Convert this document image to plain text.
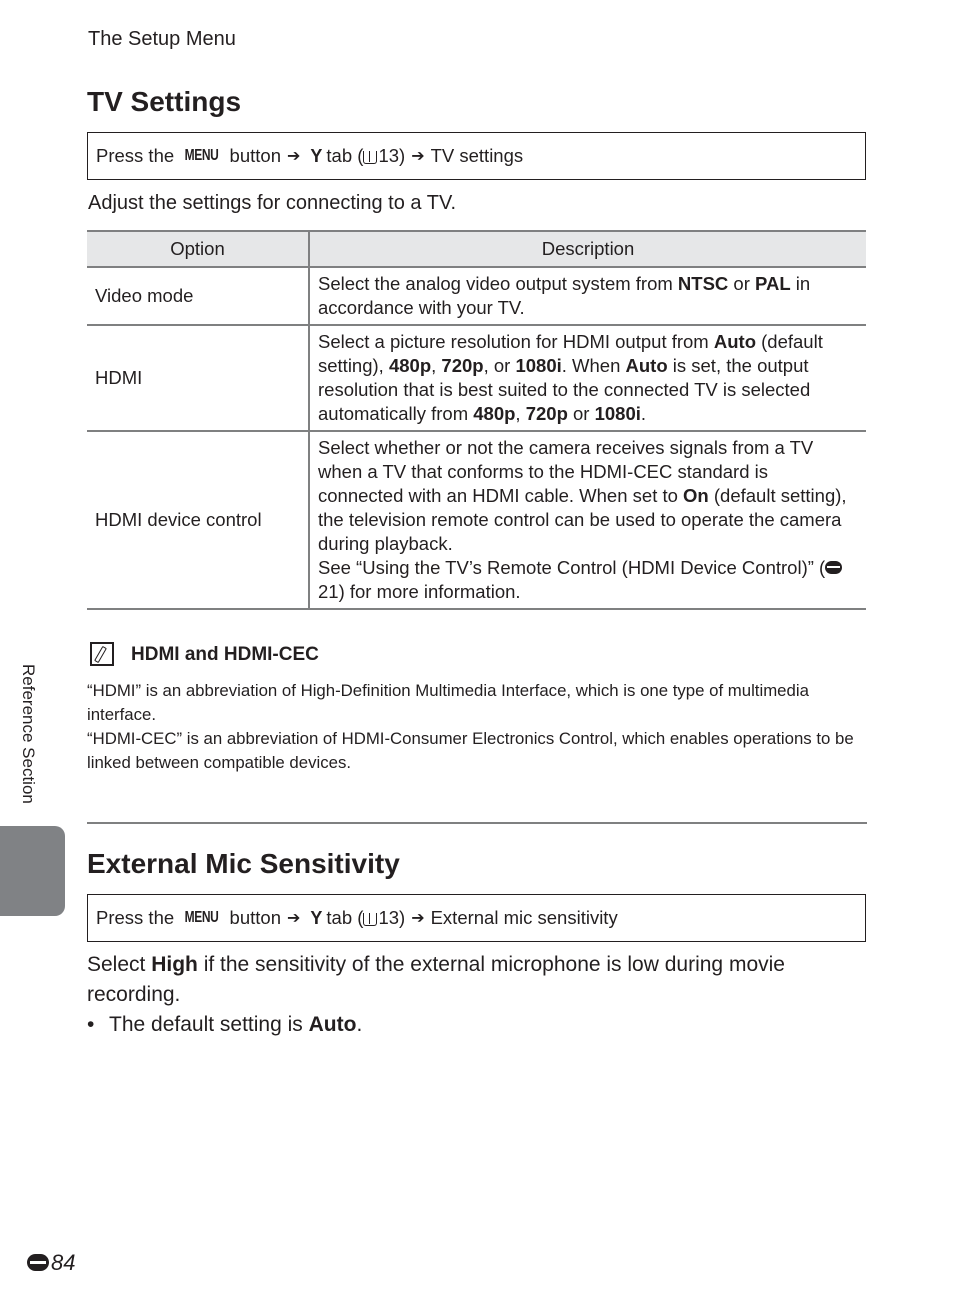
The Setup Menu
TV Settings
Press the
MENU
button ➔ Y tab ( 13) ➔ TV settings
Adjust the settings for connecting to a TV.
Option	Description
Video mode	Select the analog video output system from NTSC or PAL in accordance with your TV.
HDMI	Select a picture resolution for HDMI output from Auto (default setting), 480p, 720p, or 1080i. When Auto is set, the output resolution that is best suited to the connected TV is selected automatically from 480p, 720p or 1080i.
HDMI device control	Select whether or not the camera receives signals from a TV when a TV that conforms to the HDMI-CEC standard is connected with an HDMI cable. When set to On (default setting), the television remote control can be used to operate the camera during playback.
See “Using the TV’s Remote Control (HDMI Device Control)” (21) for more information.
HDMI and HDMI-CEC

“HDMI” is an abbreviation of High-Definition Multimedia Interface, which is one type of multimedia interface.

“HDMI-CEC” is an abbreviation of HDMI-Consumer Electronics Control, which enables operations to be linked between compatible devices.

Reference Section
External Mic Sensitivity
Press the
MENU
button ➔ Y tab ( 13) ➔ External mic sensitivity
Select High if the sensitivity of the external microphone is low during movie recording.
• The default setting is Auto.
84
